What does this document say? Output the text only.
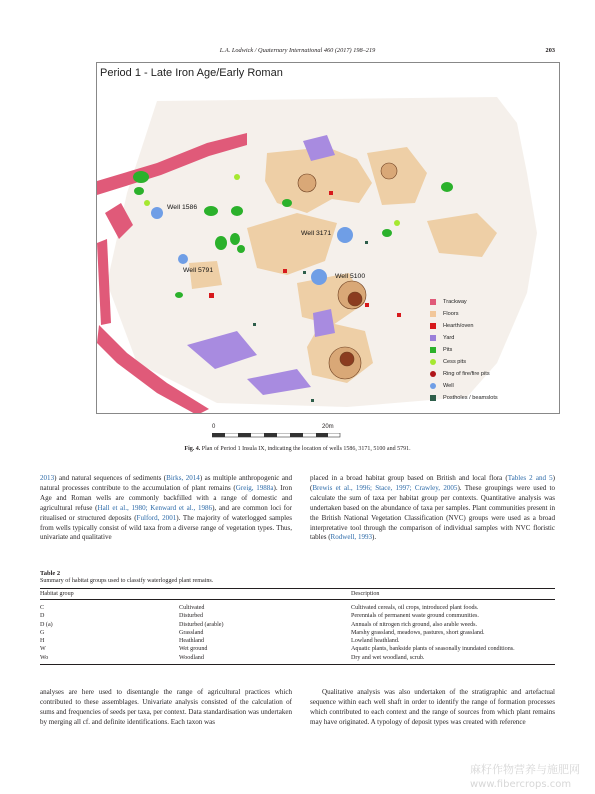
L.A. Lodwick / Quaternary International 460 (2017) 198–219	203
Period 1 - Late Iron Age/Early Roman
Well 1586
Well 3171
Well 5791
Well 5100
Trackway
Floors
Hearth/oven
Yard
Pits
Cess pits
Ring of fire/fire pits
Well
Postholes / beamslots
0	20m
Fig. 4. Plan of Period 1 Insula IX, indicating the location of wells 1586, 3171, 5100 and 5791.

2013) and natural sequences of sediments (Birks, 2014) as multiple anthropogenic and natural processes contribute to the accumulation of plant remains (Greig, 1988a). Iron Age and Roman wells are commonly backfilled with a range of domestic and agricultural refuse (Hall et al., 1980; Kenward et al., 1986), and are common loci for ritualised or structured deposits (Fulford, 2001). The majority of waterlogged samples from wells typically consist of wild taxa from a diverse range of vegetation types. Thus, univariate and qualitative

placed in a broad habitat group based on British and local flora (Tables 2 and 5) (Brewis et al., 1996; Stace, 1997; Crawley, 2005). These groupings were used to calculate the sum of taxa per habitat group per contexts. Quantitative analysis was undertaken based on the abundance of taxa per samples. Plant communities present in the British National Vegetation Classification (NVC) groups were used as a broad interpretative tool through the comparison of individual samples with NVC floristic tables (Rodwell, 1993).

Table 2
Summary of habitat groups used to classify waterlogged plant remains.
Habitat group		Description
C	Cultivated	Cultivated cereals, oil crops, introduced plant foods.
D	Disturbed	Perennials of permanent waste ground communities.
D (a)	Disturbed (arable)	Annuals of nitrogen rich ground, also arable weeds.
G	Grassland	Marshy grassland, meadows, pastures, short grassland.
H	Heathland	Lowland heathland.
W	Wet ground	Aquatic plants, bankside plants of seasonally inundated conditions.
Wo	Woodland	Dry and wet woodland, scrub.

analyses are here used to disentangle the range of agricultural practices which contributed to these assemblages. Univariate analysis consisted of the calculation of sums and frequencies of seeds per taxa, per context. Data standardisation was undertaken by merging all cf. and definite identifications. Each taxon was

Qualitative analysis was also undertaken of the stratigraphic and artefactual sequence within each well shaft in order to identify the range of formation processes which contributed to each context and the range of sources from which plant remains may have originated. A typology of deposit types was created with reference

麻籽作物营养与施肥网
www.fibercrops.com
